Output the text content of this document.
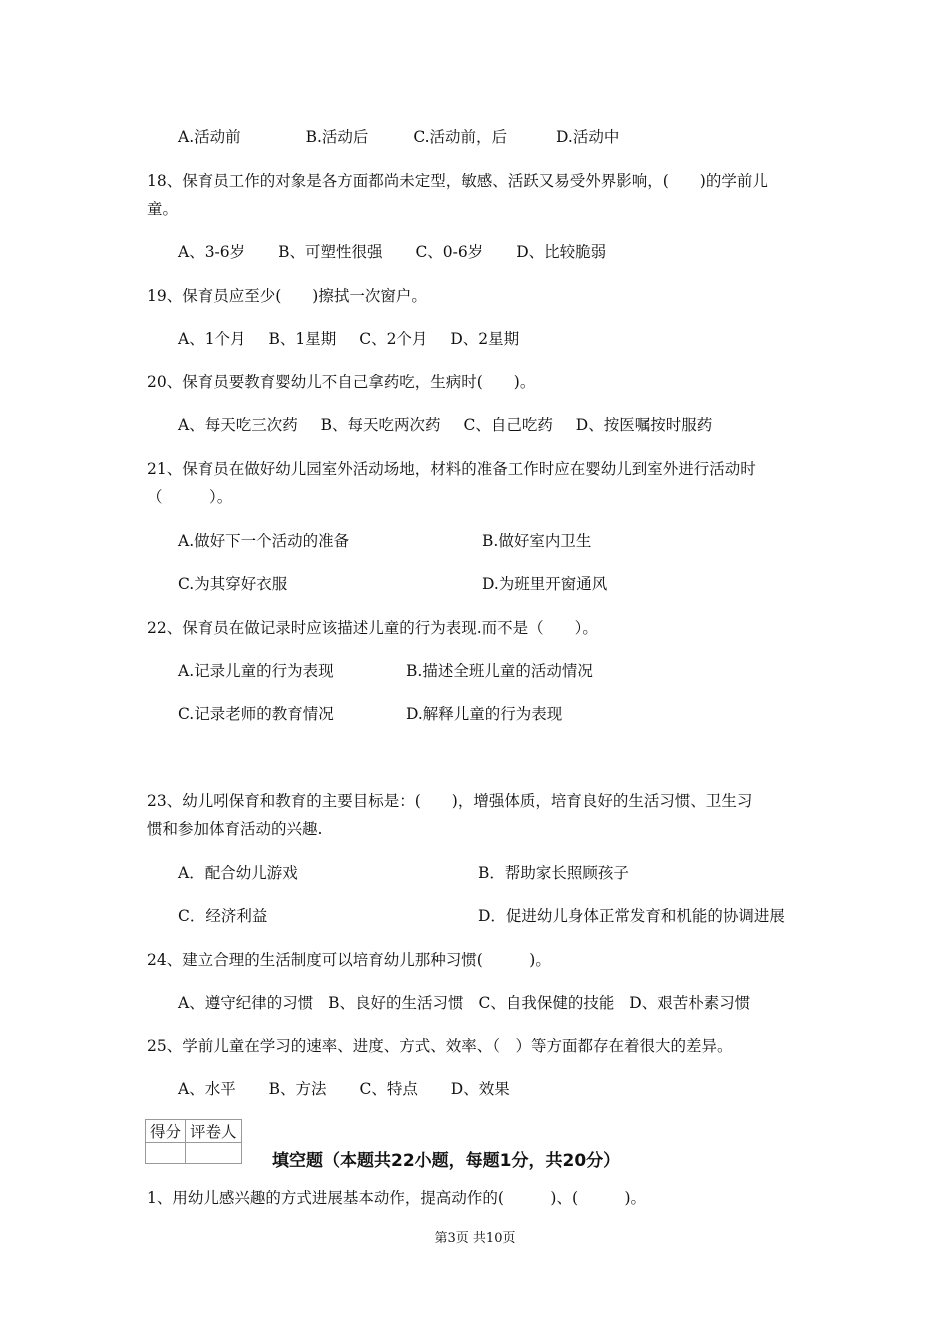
A.活动前	B.活动后	C.活动前，后	D.活动中
18、保育员工作的对象是各方面都尚未定型，敏感、活跃又易受外界影响，(　　)的学前儿
童。
A、3-6岁 B、可塑性很强 C、0-6岁 D、比较脆弱
19、保育员应至少(　　)擦拭一次窗户。
A、1个月 B、1星期 C、2个月 D、2星期
20、保育员要教育婴幼儿不自己拿药吃，生病时(　　)。
A、每天吃三次药 B、每天吃两次药 C、自己吃药 D、按医嘱按时服药
21、保育员在做好幼儿园室外活动场地，材料的准备工作时应在婴幼儿到室外进行活动时
（　　　）。
A.做好下一个活动的准备	B.做好室内卫生
C.为其穿好衣服	D.为班里开窗通风
22、保育员在做记录时应该描述儿童的行为表现.而不是（　　）。
A.记录儿童的行为表现	B.描述全班儿童的活动情况
C.记录老师的教育情况	D.解释儿童的行为表现
23、幼儿吲保育和教育的主要目标是：(　　)，增强体质，培育良好的生活习惯、卫生习
惯和参加体育活动的兴趣.
A．配合幼儿游戏	B．帮助家长照顾孩子
C．经济利益	D．促进幼儿身体正常发育和机能的协调进展
24、建立合理的生活制度可以培育幼儿那种习惯(　　　)。
A、遵守纪律的习惯 B、良好的生活习惯 C、自我保健的技能 D、艰苦朴素习惯
25、学前儿童在学习的速率、进度、方式、效率、（　）等方面都存在着很大的差异。
A、水平 B、方法 C、特点 D、效果
得分	评卷人

填空题（本题共22小题，每题1分，共20分）
1、用幼儿感兴趣的方式进展基本动作，提高动作的(　　　)、(　　　)。
第3页 共10页
